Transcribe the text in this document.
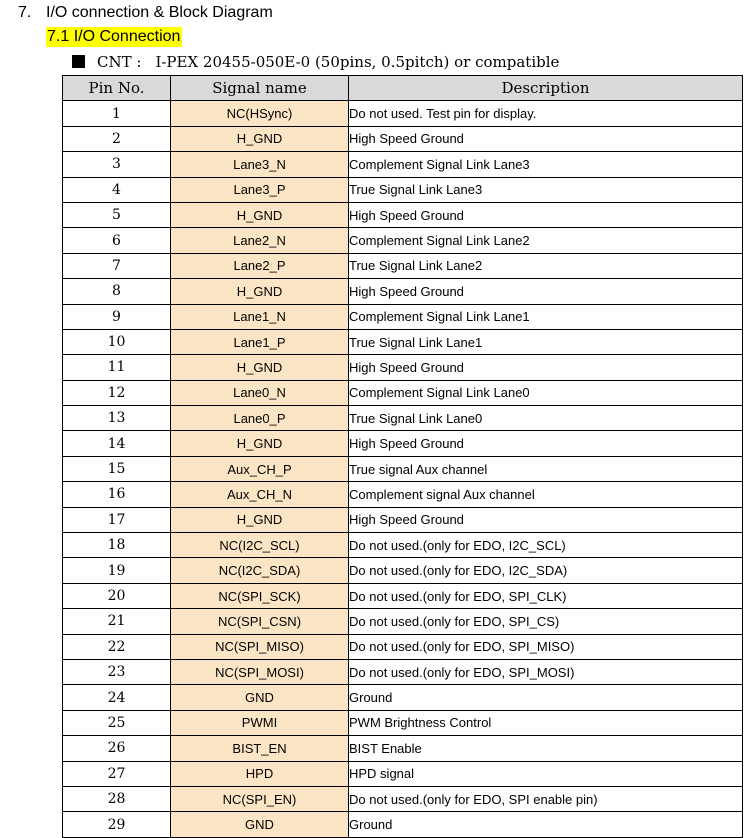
7. I/O connection & Block Diagram
7.1 I/O Connection
CNT : I-PEX 20455-050E-0 (50pins, 0.5pitch) or compatible
Pin No.	Signal name	Description
1	NC(HSync)	Do not used. Test pin for display.
2	H_GND	High Speed Ground
3	Lane3_N	Complement Signal Link Lane3
4	Lane3_P	True Signal Link Lane3
5	H_GND	High Speed Ground
6	Lane2_N	Complement Signal Link Lane2
7	Lane2_P	True Signal Link Lane2
8	H_GND	High Speed Ground
9	Lane1_N	Complement Signal Link Lane1
10	Lane1_P	True Signal Link Lane1
11	H_GND	High Speed Ground
12	Lane0_N	Complement Signal Link Lane0
13	Lane0_P	True Signal Link Lane0
14	H_GND	High Speed Ground
15	Aux_CH_P	True signal Aux channel
16	Aux_CH_N	Complement signal Aux channel
17	H_GND	High Speed Ground
18	NC(I2C_SCL)	Do not used.(only for EDO, I2C_SCL)
19	NC(I2C_SDA)	Do not used.(only for EDO, I2C_SDA)
20	NC(SPI_SCK)	Do not used.(only for EDO, SPI_CLK)
21	NC(SPI_CSN)	Do not used.(only for EDO, SPI_CS)
22	NC(SPI_MISO)	Do not used.(only for EDO, SPI_MISO)
23	NC(SPI_MOSI)	Do not used.(only for EDO, SPI_MOSI)
24	GND	Ground
25	PWMI	PWM Brightness Control
26	BIST_EN	BIST Enable
27	HPD	HPD signal
28	NC(SPI_EN)	Do not used.(only for EDO, SPI enable pin)
29	GND	Ground
